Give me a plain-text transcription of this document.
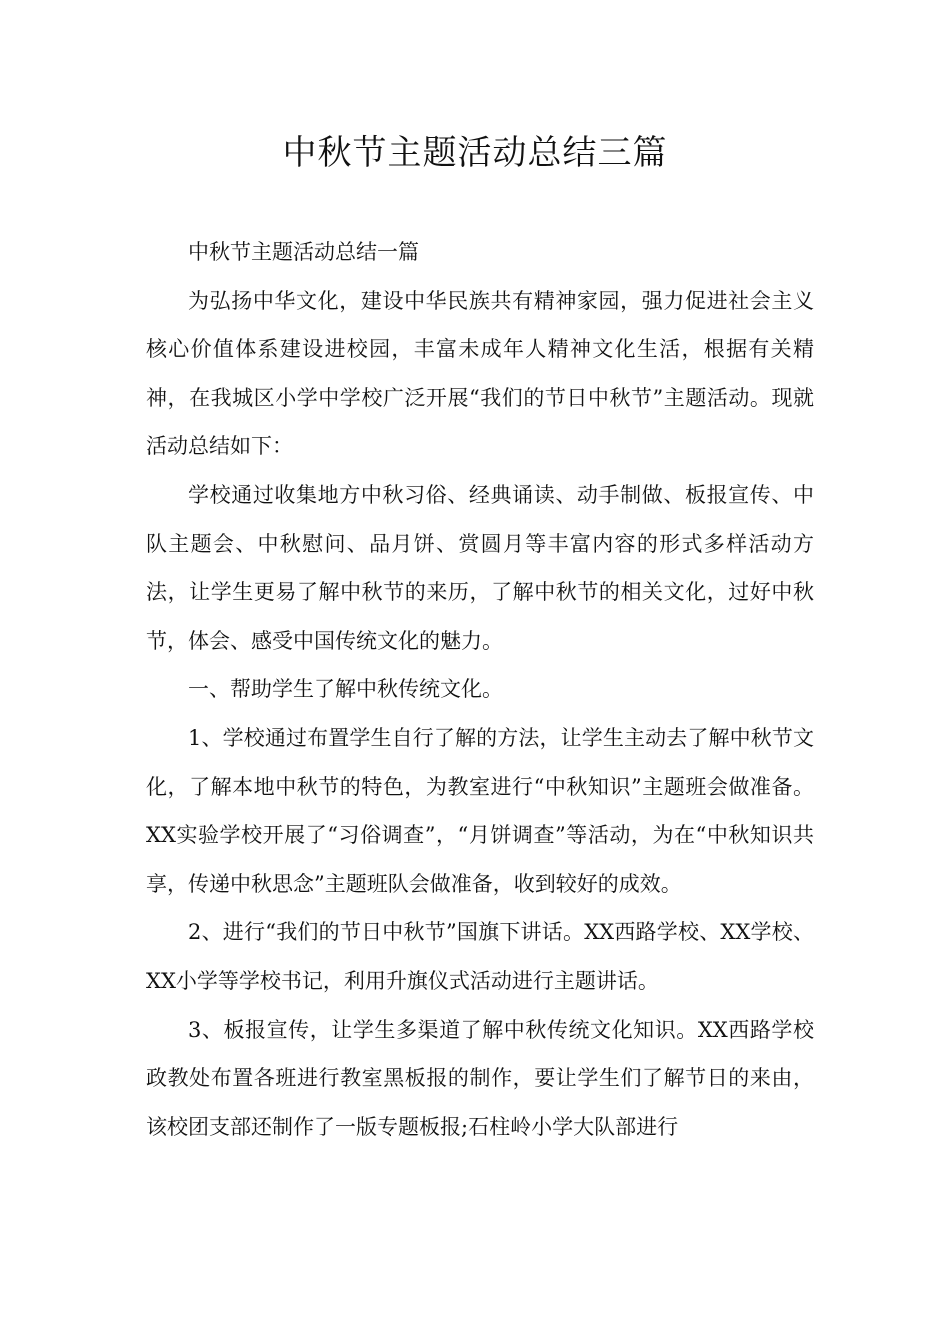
中秋节主题活动总结三篇

中秋节主题活动总结一篇

为弘扬中华文化，建设中华民族共有精神家园，强力促进社会主义核心价值体系建设进校园，丰富未成年人精神文化生活，根据有关精神，在我城区小学中学校广泛开展“我们的节日中秋节”主题活动。现就活动总结如下：

学校通过收集地方中秋习俗、经典诵读、动手制做、板报宣传、中队主题会、中秋慰问、品月饼、赏圆月等丰富内容的形式多样活动方法，让学生更易了解中秋节的来历，了解中秋节的相关文化，过好中秋节，体会、感受中国传统文化的魅力。

一、帮助学生了解中秋传统文化。

1、学校通过布置学生自行了解的方法，让学生主动去了解中秋节文化，了解本地中秋节的特色，为教室进行“中秋知识”主题班会做准备。XX实验学校开展了“习俗调查”，“月饼调查”等活动，为在“中秋知识共享，传递中秋思念”主题班队会做准备，收到较好的成效。

2、进行“我们的节日中秋节”国旗下讲话。XX西路学校、XX学校、XX小学等学校书记，利用升旗仪式活动进行主题讲话。

3、板报宣传，让学生多渠道了解中秋传统文化知识。XX西路学校政教处布置各班进行教室黑板报的制作，要让学生们了解节日的来由，该校团支部还制作了一版专题板报;石柱岭小学大队部进行
